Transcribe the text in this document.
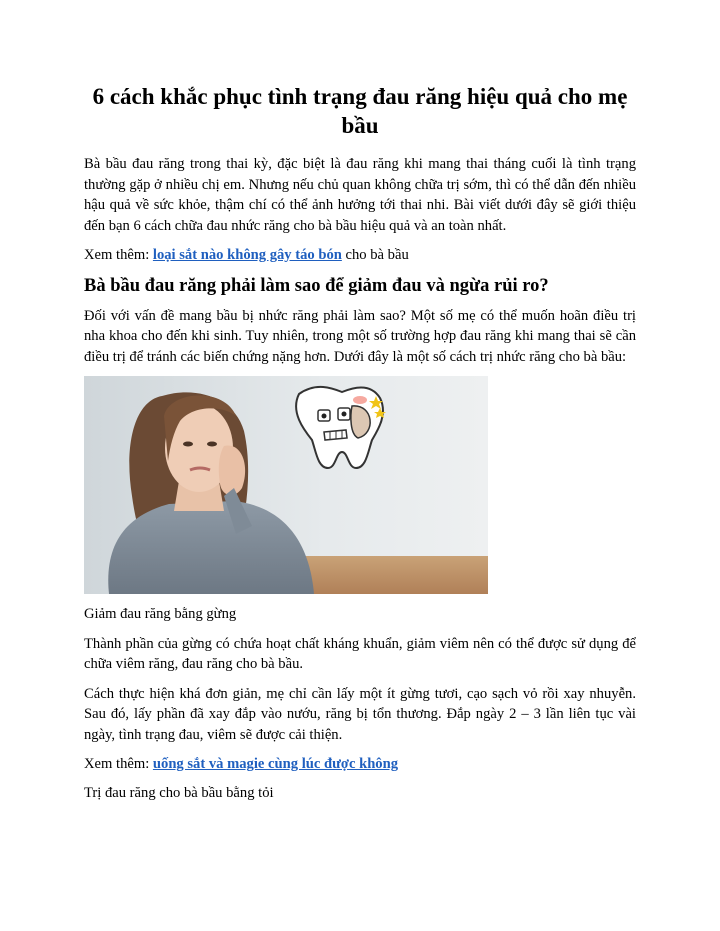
6 cách khắc phục tình trạng đau răng hiệu quả cho mẹ bầu

Bà bầu đau răng trong thai kỳ, đặc biệt là đau răng khi mang thai tháng cuối là tình trạng thường gặp ở nhiều chị em. Nhưng nếu chủ quan không chữa trị sớm, thì có thể dẫn đến nhiều hậu quả về sức khỏe, thậm chí có thể ảnh hưởng tới thai nhi. Bài viết dưới đây sẽ giới thiệu đến bạn 6 cách chữa đau nhức răng cho bà bầu hiệu quả và an toàn nhất.

Xem thêm: loại sắt nào không gây táo bón cho bà bầu

Bà bầu đau răng phải làm sao để giảm đau và ngừa rủi ro?

Đối với vấn đề mang bầu bị nhức răng phải làm sao? Một số mẹ có thể muốn hoãn điều trị nha khoa cho đến khi sinh. Tuy nhiên, trong một số trường hợp đau răng khi mang thai sẽ cần điều trị để tránh các biến chứng nặng hơn. Dưới đây là một số cách trị nhức răng cho bà bầu:

Giảm đau răng bằng gừng

Thành phần của gừng có chứa hoạt chất kháng khuẩn, giảm viêm nên có thể được sử dụng để chữa viêm răng, đau răng cho bà bầu.

Cách thực hiện khá đơn giản, mẹ chỉ cần lấy một ít gừng tươi, cạo sạch vỏ rồi xay nhuyễn. Sau đó, lấy phần đã xay đắp vào nướu, răng bị tổn thương. Đắp ngày 2 – 3 lần liên tục vài ngày, tình trạng đau, viêm sẽ được cải thiện.

Xem thêm: uống sắt và magie cùng lúc được không

Trị đau răng cho bà bầu bằng tỏi
